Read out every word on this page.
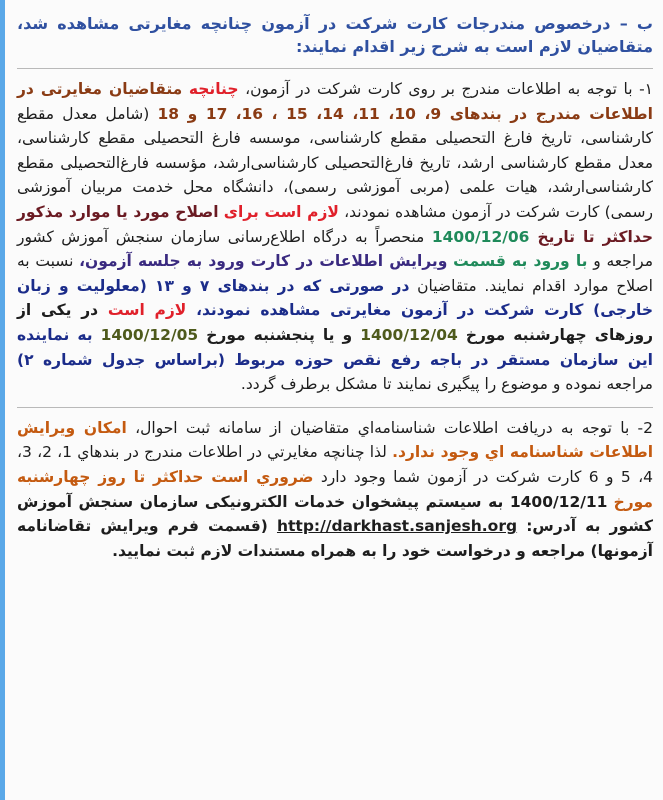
ب – درخصوص مندرجات کارت شرکت در آزمون چنانچه مغایرتی مشاهده شد، متقاضیان لازم است به شرح زیر اقدام نمایند:

۱- با توجه به اطلاعات مندرج بر روی کارت شرکت در آزمون، چنانچه متقاضیان مغایرتی در اطلاعات مندرج در بندهای 9، 10، 11، 14، 15 ، 16، 17 و 18 (شامل معدل مقطع کارشناسی، تاریخ فارغ التحصیلی مقطع کارشناسی، موسسه فارغ التحصیلی مقطع کارشناسی، معدل مقطع کارشناسی ارشد، تاریخ فارغ‌التحصیلی کارشناسی‌ارشد، مؤسسه فارغ‌التحصیلی مقطع کارشناسی‌ارشد، هیات علمی (مربی آموزشی رسمی)، دانشگاه محل خدمت مربیان آموزشی رسمی) کارت شرکت در آزمون مشاهده نمودند، لازم است برای اصلاح مورد یا موارد مذکور حداکثر تا تاریخ 1400/12/06 منحصراً به درگاه اطلاع‌رسانی سازمان سنجش آموزش کشور مراجعه و با ورود به قسمت ویرایش اطلاعات در کارت ورود به جلسه آزمون، نسبت به اصلاح موارد اقدام نمایند. متقاضیان در صورتی که در بندهای ۷ و ۱۳ (معلولیت و زبان خارجی) کارت شرکت در آزمون مغایرتی مشاهده نمودند، لازم است در یکی از روزهای چهارشنبه مورخ 1400/12/04 و یا پنجشنبه مورخ 1400/12/05 به نماینده این سازمان مستقر در باجه رفع نقص حوزه مربوط (براساس جدول شماره ۲) مراجعه نموده و موضوع را پیگیری نمایند تا مشکل برطرف گردد.

2- با توجه به دریافت اطلاعات شناسنامه‌اي متقاضیان از سامانه ثبت احوال، امکان ویرایش اطلاعات شناسنامه اي وجود ندارد. لذا چنانچه مغایرتي در اطلاعات مندرج در بندهاي 1، 2، 3، 4، 5 و 6 کارت شرکت در آزمون شما وجود دارد ضروري است حداکثر تا روز چهارشنبه مورخ 1400/12/11 به سیستم پیشخوان خدمات الکترونیکی سازمان سنجش آموزش کشور به آدرس: http://darkhast.sanjesh.org (قسمت فرم ویرایش تقاضانامه آزمونها) مراجعه و درخواست خود را به همراه مستندات لازم ثبت نمایید.
